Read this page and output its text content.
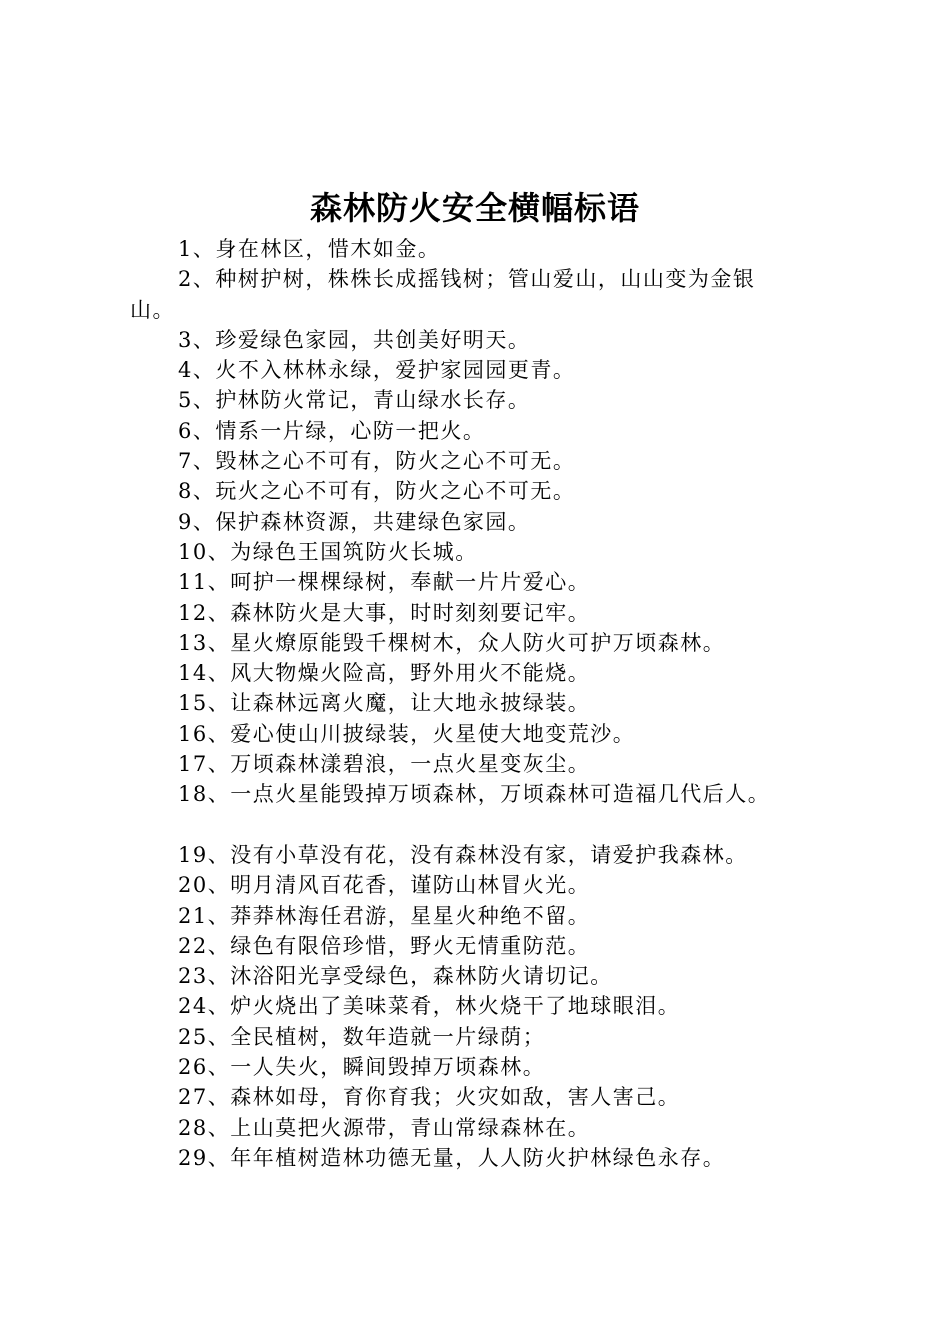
森林防火安全横幅标语
1、身在林区，惜木如金。
2、种树护树，株株长成摇钱树；管山爱山，山山变为金银
山。
3、珍爱绿色家园，共创美好明天。
4、火不入林林永绿，爱护家园园更青。
5、护林防火常记，青山绿水长存。
6、情系一片绿，心防一把火。
7、毁林之心不可有，防火之心不可无。
8、玩火之心不可有，防火之心不可无。
9、保护森林资源，共建绿色家园。
10、为绿色王国筑防火长城。
11、呵护一棵棵绿树，奉献一片片爱心。
12、森林防火是大事，时时刻刻要记牢。
13、星火燎原能毁千棵树木，众人防火可护万顷森林。
14、风大物燥火险高，野外用火不能烧。
15、让森林远离火魔，让大地永披绿装。
16、爱心使山川披绿装，火星使大地变荒沙。
17、万顷森林漾碧浪，一点火星变灰尘。
18、一点火星能毁掉万顷森林，万顷森林可造福几代后人。
19、没有小草没有花，没有森林没有家，请爱护我森林。
20、明月清风百花香，谨防山林冒火光。
21、莽莽林海任君游，星星火种绝不留。
22、绿色有限倍珍惜，野火无情重防范。
23、沐浴阳光享受绿色，森林防火请切记。
24、炉火烧出了美味菜肴，林火烧干了地球眼泪。
25、全民植树，数年造就一片绿荫；
26、一人失火，瞬间毁掉万顷森林。
27、森林如母，育你育我；火灾如敌，害人害己。
28、上山莫把火源带，青山常绿森林在。
29、年年植树造林功德无量，人人防火护林绿色永存。
